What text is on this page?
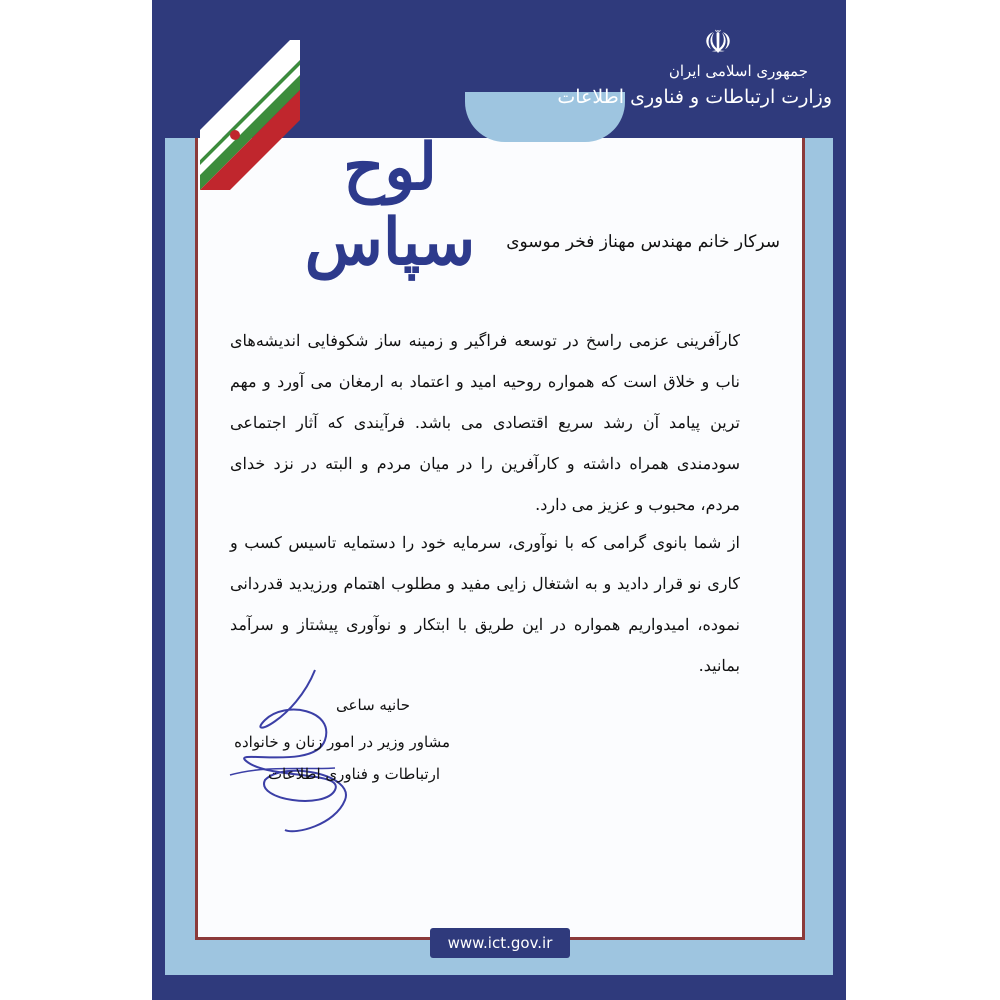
☫
جمهوری اسلامی ایران
وزارت ارتباطات و فناوری اطلاعات
لوح سپاس	سرکار خانم مهندس مهناز فخر موسوی
کارآفرینی عزمی راسخ در توسعه فراگیر و زمینه ساز شکوفایی اندیشه‌های ناب و خلاق است که همواره روحیه امید و اعتماد به ارمغان می آورد و مهم ترین پیامد آن رشد سریع اقتصادی می باشد. فرآیندی که آثار اجتماعی سودمندی همراه داشته و کارآفرین را در میان مردم و البته در نزد خدای مردم، محبوب و عزیز می دارد.
از شما بانوی گرامی که با نوآوری، سرمایه خود را دستمایه تاسیس کسب و کاری نو قرار دادید و به اشتغال زایی مفید و مطلوب اهتمام ورزیدید قدردانی نموده، امیدواریم همواره در این طریق با ابتکار و نوآوری پیشتاز و سرآمد بمانید.
حانیه ساعی
مشاور وزیر در امور زنان و خانواده
ارتباطات و فناوری اطلاعات
www.ict.gov.ir
